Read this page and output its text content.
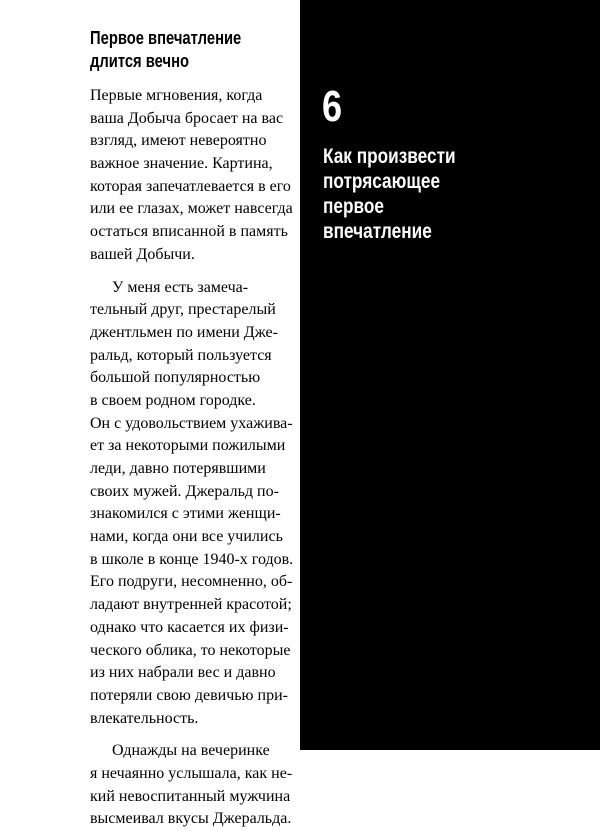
Первое впечатление
длится вечно
Первые мгновения, когда
ваша Добыча бросает на вас
взгляд, имеют невероятно
важное значение. Картина,
которая запечатлевается в его
или ее глазах, может навсегда
остаться вписанной в память
вашей Добычи.
У меня есть замеча-
тельный друг, престарелый
джентльмен по имени Дже-
ральд, который пользуется
большой популярностью
в своем родном городке.
Он с удовольствием ухажива-
ет за некоторыми пожилыми
леди, давно потерявшими
своих мужей. Джеральд по-
знакомился с этими женщи-
нами, когда они все учились
в школе в конце 1940-х годов.
Его подруги, несомненно, об-
ладают внутренней красотой;
однако что касается их физи-
ческого облика, то некоторые
из них набрали вес и давно
потеряли свою девичью при-
влекательность.
Однажды на вечеринке
я нечаянно услышала, как не-
кий невоспитанный мужчина
высмеивал вкусы Джеральда.
6
Как произвести
потрясающее
первое
впечатление
